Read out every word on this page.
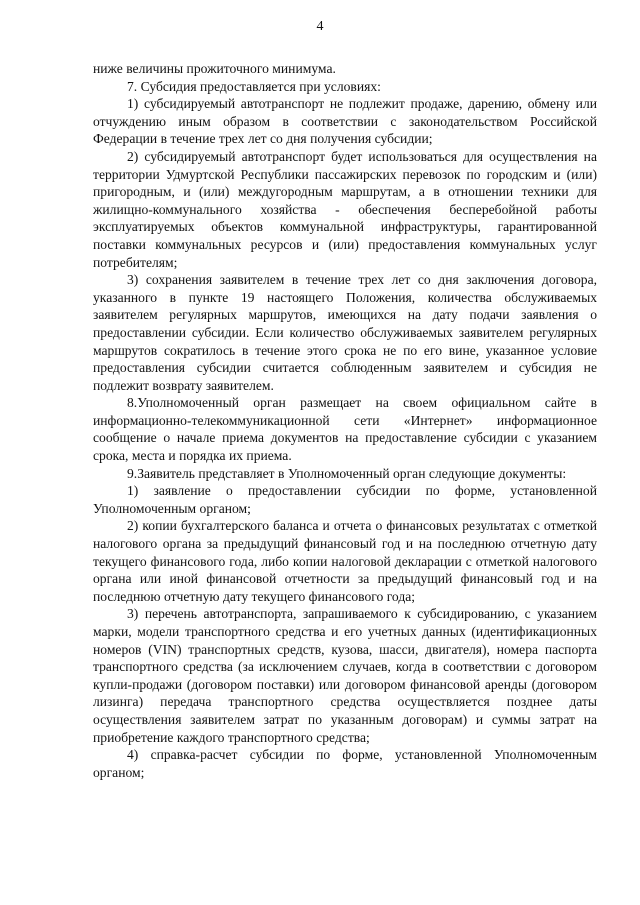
4

ниже величины прожиточного минимума.

7. Субсидия предоставляется при условиях:

1) субсидируемый автотранспорт не подлежит продаже, дарению, обмену или отчуждению иным образом в соответствии с законодательством Российской Федерации в течение трех лет со дня получения субсидии;

2) субсидируемый автотранспорт будет использоваться для осуществления на территории Удмуртской Республики пассажирских перевозок по городским и (или) пригородным, и (или) междугородным маршрутам, а в отношении техники для жилищно-коммунального хозяйства - обеспечения бесперебойной работы эксплуатируемых объектов коммунальной инфраструктуры, гарантированной поставки коммунальных ресурсов и (или) предоставления коммунальных услуг потребителям;

3) сохранения заявителем в течение трех лет со дня заключения договора, указанного в пункте 19 настоящего Положения, количества обслуживаемых заявителем регулярных маршрутов, имеющихся на дату подачи заявления о предоставлении субсидии. Если количество обслуживаемых заявителем регулярных маршрутов сократилось в течение этого срока не по его вине, указанное условие предоставления субсидии считается соблюденным заявителем и субсидия не подлежит возврату заявителем.

8.Уполномоченный орган размещает на своем официальном сайте в информационно-телекоммуникационной сети «Интернет» информационное сообщение о начале приема документов на предоставление субсидии с указанием срока, места и порядка их приема.

9.Заявитель представляет в Уполномоченный орган следующие документы:

1) заявление о предоставлении субсидии по форме, установленной Уполномоченным органом;

2) копии бухгалтерского баланса и отчета о финансовых результатах с отметкой налогового органа за предыдущий финансовый год и на последнюю отчетную дату текущего финансового года, либо копии налоговой декларации с отметкой налогового органа или иной финансовой отчетности за предыдущий финансовый год и на последнюю отчетную дату текущего финансового года;

3) перечень автотранспорта, запрашиваемого к субсидированию, с указанием марки, модели транспортного средства и его учетных данных (идентификационных номеров (VIN) транспортных средств, кузова, шасси, двигателя), номера паспорта транспортного средства (за исключением случаев, когда в соответствии с договором купли-продажи (договором поставки) или договором финансовой аренды (договором лизинга) передача транспортного средства осуществляется позднее даты осуществления заявителем затрат по указанным договорам) и суммы затрат на приобретение каждого транспортного средства;

4) справка-расчет субсидии по форме, установленной Уполномоченным органом;
